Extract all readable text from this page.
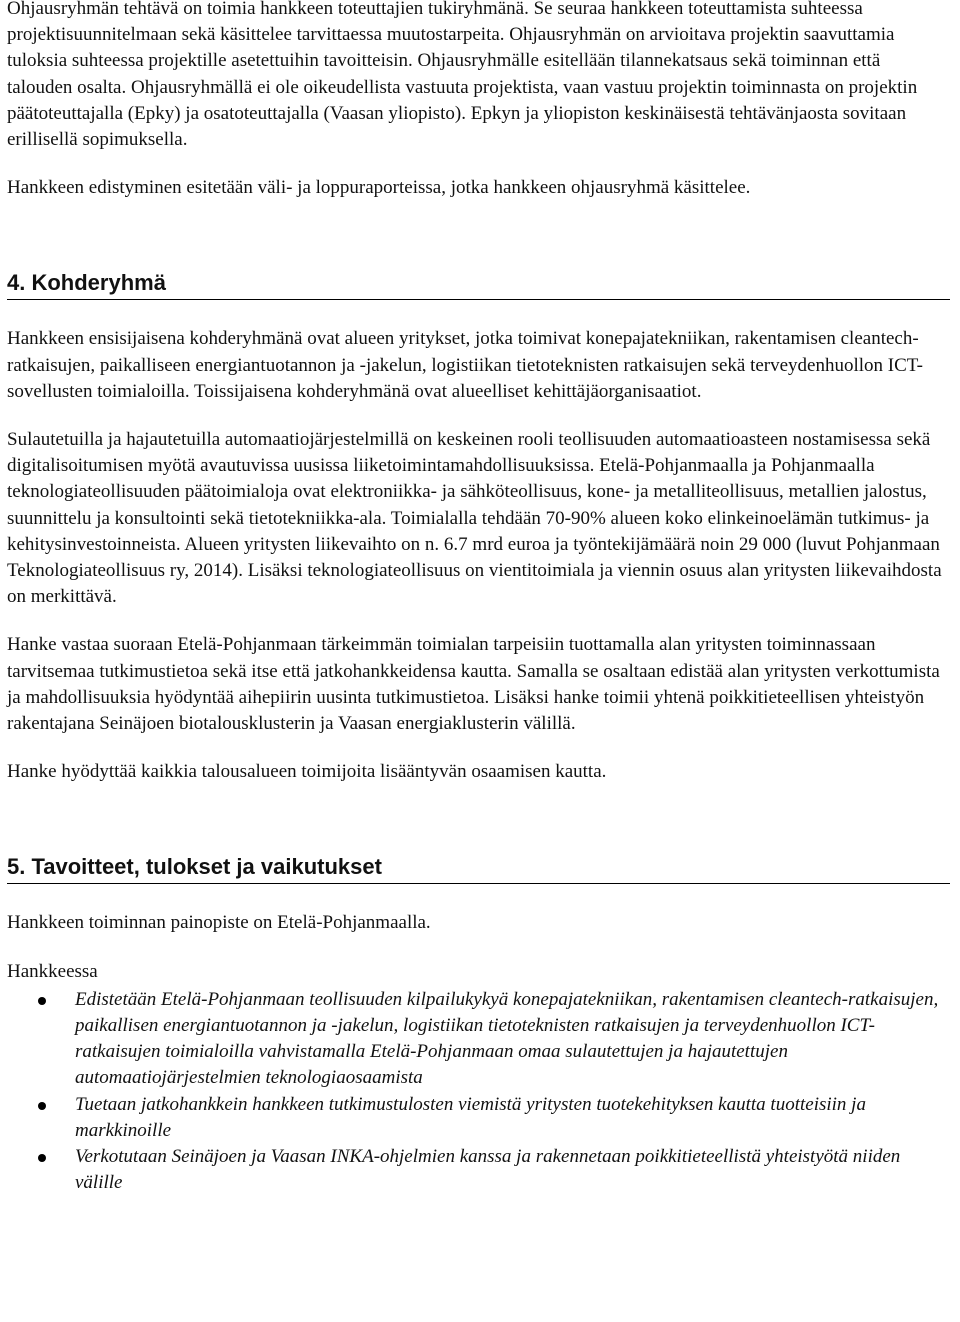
Ohjausryhmän tehtävä on toimia hankkeen toteuttajien tukiryhmänä. Se seuraa hankkeen toteuttamista suhteessa projektisuunnitelmaan sekä käsittelee tarvittaessa muutostarpeita. Ohjausryhmän on arvioitava projektin saavuttamia tuloksia suhteessa projektille asetettuihin tavoitteisin. Ohjausryhmälle esitellään tilannekatsaus sekä toiminnan että talouden osalta. Ohjausryhmällä ei ole oikeudellista vastuuta projektista, vaan vastuu projektin toiminnasta on projektin päätoteuttajalla (Epky) ja osatoteuttajalla (Vaasan yliopisto). Epkyn ja yliopiston keskinäisestä tehtävänjaosta sovitaan erillisellä sopimuksella.

Hankkeen edistyminen esitetään väli- ja loppuraporteissa, jotka hankkeen ohjausryhmä käsittelee.

4. Kohderyhmä

Hankkeen ensisijaisena kohderyhmänä ovat alueen yritykset, jotka toimivat konepajatekniikan, rakentamisen cleantech-ratkaisujen, paikalliseen energiantuotannon ja -jakelun, logistiikan tietoteknisten ratkaisujen sekä terveydenhuollon ICT-sovellusten toimialoilla. Toissijaisena kohderyhmänä ovat alueelliset kehittäjäorganisaatiot.

Sulautetuilla ja hajautetuilla automaatiojärjestelmillä on keskeinen rooli teollisuuden automaatioasteen nostamisessa sekä digitalisoitumisen myötä avautuvissa uusissa liiketoimintamahdollisuuksissa. Etelä-Pohjanmaalla ja Pohjanmaalla teknologiateollisuuden päätoimialoja ovat elektroniikka- ja sähköteollisuus, kone- ja metalliteollisuus, metallien jalostus, suunnittelu ja konsultointi sekä tietotekniikka-ala. Toimialalla tehdään 70-90% alueen koko elinkeinoelämän tutkimus- ja kehitysinvestoinneista. Alueen yritysten liikevaihto on n. 6.7 mrd euroa ja työntekijämäärä noin 29 000 (luvut Pohjanmaan Teknologiateollisuus ry, 2014). Lisäksi teknologiateollisuus on vientitoimiala ja viennin osuus alan yritysten liikevaihdosta on merkittävä.

Hanke vastaa suoraan Etelä-Pohjanmaan tärkeimmän toimialan tarpeisiin tuottamalla alan yritysten toiminnassaan tarvitsemaa tutkimustietoa sekä itse että jatkohankkeidensa kautta. Samalla se osaltaan edistää alan yritysten verkottumista ja mahdollisuuksia hyödyntää aihepiirin uusinta tutkimustietoa. Lisäksi hanke toimii yhtenä poikkitieteellisen yhteistyön rakentajana Seinäjoen biotalousklusterin ja Vaasan energiaklusterin välillä.

Hanke hyödyttää kaikkia talousalueen toimijoita lisääntyvän osaamisen kautta.

5. Tavoitteet, tulokset ja vaikutukset

Hankkeen toiminnan painopiste on Etelä-Pohjanmaalla.

Hankkeessa

Edistetään Etelä-Pohjanmaan teollisuuden kilpailukykyä konepajatekniikan, rakentamisen cleantech-ratkaisujen, paikallisen energiantuotannon ja -jakelun, logistiikan tietoteknisten ratkaisujen ja terveydenhuollon ICT-ratkaisujen toimialoilla vahvistamalla Etelä-Pohjanmaan omaa sulautettujen ja hajautettujen automaatiojärjestelmien teknologiaosaamista
Tuetaan jatkohankkein hankkeen tutkimustulosten viemistä yritysten tuotekehityksen kautta tuotteisiin ja markkinoille
Verkotutaan Seinäjoen ja Vaasan INKA-ohjelmien kanssa ja rakennetaan poikkitieteellistä yhteistyötä niiden välille
